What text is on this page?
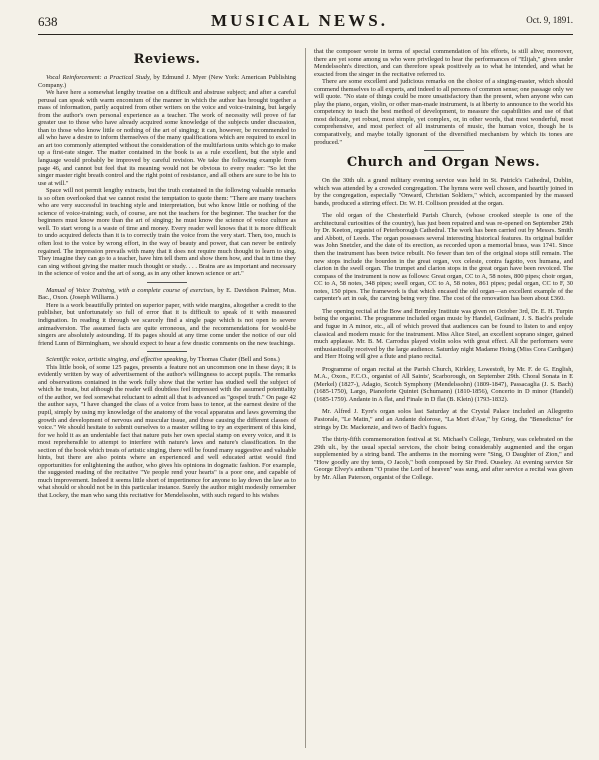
638	MUSICAL NEWS.	Oct. 9, 1891.
Reviews.

Vocal Reinforcement: a Practical Study, by Edmund J. Myer (New York: American Publishing Company.)

We have here a somewhat lengthy treatise on a difficult and abstruse subject; and after a careful perusal can speak with warm encomium of the manner in which the author has brought together a mass of information, partly acquired from other writers on the voice and voice-training, but largely from the author's own personal experience as a teacher. The work of necessity will prove of far greater use to those who have already acquired some knowledge of the subjects under discussion, than to those who know little or nothing of the art of singing; it can, however, be recommended to all who have a desire to inform themselves of the many qualifications which are required to excel in an art too commonly attempted without the consideration of the multifarious units which go to make up a first-rate singer. The matter contained in the book is as a rule excellent, but the style and language would probably be improved by careful revision. We take the following example from page 46, and cannot but feel that its meaning would not be obvious to every reader: "So let the singer master right breath control and the right point of resistance, and all others are sure to be his to use at will."

Space will not permit lengthy extracts, but the truth contained in the following valuable remarks is so often overlooked that we cannot resist the temptation to quote them: "There are many teachers who are very successful in teaching style and interpretation, but who know little or nothing of the science of voice-training; such, of course, are not the teachers for the beginner. The teacher for the beginners must know more than the art of singing; he must know the science of voice culture as well. To start wrong is a waste of time and money. Every reader well knows that it is more difficult to undo acquired defects than it is to correctly train the voice from the very start. Then, too, much is often lost to the voice by wrong effort, in the way of beauty and power, that can never be entirely regained. The impression prevails with many that it does not require much thought to learn to sing. They imagine they can go to a teacher, have him tell them and show them how, and that in time they can sing without giving the matter much thought or study. . . . Brains are as important and necessary in the science of voice and the art of song, as in any other known science or art."

Manual of Voice Training, with a complete course of exercises, by E. Davidson Palmer, Mus. Bac., Oxon. (Joseph Williams.)

Here is a work beautifully printed on superior paper, with wide margins, altogether a credit to the publisher, but unfortunately so full of error that it is difficult to speak of it with measured indignation. In reading it through we scarcely find a single page which is not open to severe animadversion. The assumed facts are quite erroneous, and the recommendations for would-be singers are absolutely astounding. If its pages should at any time come under the notice of our old friend Lunn of Birmingham, we should expect to hear a few drastic comments on the new teachings.

Scientific voice, artistic singing, and effective speaking, by Thomas Chater (Bell and Sons.)

This little book, of some 125 pages, presents a feature not an uncommon one in these days; it is evidently written by way of advertisement of the author's willingness to accept pupils. The remarks and observations contained in the work fully show that the writer has studied well the subject of which he treats, but although the reader will doubtless feel impressed with the assumed potentiality of the author, we feel somewhat reluctant to admit all that is advanced as "gospel truth." On page 42 the author says, "I have changed the class of a voice from bass to tenor, at the earnest desire of the pupil, simply by using my knowledge of the anatomy of the vocal apparatus and laws governing the growth and development of nervous and muscular tissue, and those causing the different classes of voice." We should hesitate to submit ourselves to a master willing to try an experiment of this kind, for we hold it as an undeniable fact that nature puts her own special stamp on every voice, and it is most reprehensible to attempt to interfere with nature's laws and nature's classification. In the section of the book which treats of artistic singing, there will be found many suggestive and valuable hints, but there are also points where an experienced and well educated artist would find opportunities for enlightening the author, who gives his opinions in dogmatic fashion. For example, the suggested reading of the recitative "Ye people rend your hearts" is a poor one, and capable of much improvement. Indeed it seems little short of impertinence for anyone to lay down the law as to what should or should not be in this particular instance. Surely the author might modestly remember that Lockey, the man who sang this recitative for Mendelssohn, with such regard to his wishes

that the composer wrote in terms of special commendation of his efforts, is still alive; moreover, there are yet some among us who were privileged to hear the performances of "Elijah," given under Mendelssohn's direction, and can therefore speak positively as to what he intended, and what he exacted from the singer in the recitative referred to.

There are some excellent and judicious remarks on the choice of a singing-master, which should commend themselves to all experts, and indeed to all persons of common sense; one passage only we will quote. "No state of things could be more unsatisfactory than the present, when anyone who can play the piano, organ, violin, or other man-made instrument, is at liberty to announce to the world his competency to teach the best method of development, to measure the capabilities and use of that most delicate, yet robust, most simple, yet complex, or, in other words, that most wonderful, most comprehensive, and most perfect of all instruments of music, the human voice, though he is comparatively, and maybe totally ignorant of the diversified mechanism by which its tones are produced."

Church and Organ News.

On the 30th ult. a grand military evening service was held in St. Patrick's Cathedral, Dublin, which was attended by a crowded congregation. The hymns were well chosen, and heartily joined in by the congregation, especially "Onward, Christian Soldiers," which, accompanied by the massed bands, produced a stirring effect. Dr. W. H. Collison presided at the organ.

The old organ of the Chesterfield Parish Church, (whose crooked steeple is one of the architectural curiosities of the country), has just been repaired and was re-opened on September 29th by Dr. Keeton, organist of Peterborough Cathedral. The work has been carried out by Messrs. Smith and Abbott, of Leeds. The organ possesses several interesting historical features. Its original builder was John Snetzler, and the date of its erection, as recorded upon a memorial brass, was 1741. Since then the instrument has been twice rebuilt. No fewer than ten of the original stops still remain. The new stops include the bourdon in the great organ, vox celeste, contra fagotto, vox humana, and clarion in the swell organ. The trumpet and clarion stops in the great organ have been revoiced. The compass of the instrument is now as follows: Great organ, CC to A, 58 notes, 800 pipes; choir organ, CC to A, 58 notes, 348 pipes; swell organ, CC to A, 58 notes, 861 pipes; pedal organ, CC to F, 30 notes, 150 pipes. The framework is that which encased the old organ—an excellent example of the carpenter's art in oak, the carving being very fine. The cost of the renovation has been about £360.

The opening recital at the Bow and Bromley Institute was given on October 3rd, Dr. E. H. Turpin being the organist. The programme included organ music by Handel, Guilmant, J. S. Bach's prelude and fugue in A minor, etc., all of which proved that audiences can be found to listen to and enjoy classical and modern music for the instrument. Miss Alice Steel, an excellent soprano singer, gained much applause. Mr. B. M. Carrodus played violin solos with great effect. All the performers were enthusiastically received by the large audience. Saturday night Madame Hoing (Miss Cora Cardigan) and Herr Hoing will give a flute and piano recital.

Programme of organ recital at the Parish Church, Kirkley, Lowestoft, by Mr. F. de G. English, M.A., Oxon., F.C.O., organist of All Saints', Scarborough, on September 29th. Choral Sonata in E (Merkel) (1827-), Adagio, Scotch Symphony (Mendelssohn) (1809-1847), Passacaglia (J. S. Bach) (1685-1750), Largo, Pianoforte Quintet (Schumann) (1810-1856), Concerto in D minor (Handel) (1685-1759). Andante in A flat, and Finale in D flat (B. Klein) (1793-1832).

Mr. Alfred J. Eyre's organ solos last Saturday at the Crystal Palace included an Allegretto Pastorale, "Le Matin," and an Andante dolorose, "La Mort d'Ase," by Grieg, the "Benedictus" for strings by Dr. Mackenzie, and two of Bach's fugues.

The thirty-fifth commemoration festival at St. Michael's College, Tenbury, was celebrated on the 29th ult., by the usual special services, the choir being considerably augmented and the organ supplemented by a string band. The anthems in the morning were "Sing, O Daughter of Zion," and "How goodly are thy tents, O Jacob," both composed by Sir Fred. Ouseley. At evening service Sir George Elvey's anthem "O praise the Lord of heaven" was sung, and after service a recital was given by Mr. Allan Paterson, organist of the College.
